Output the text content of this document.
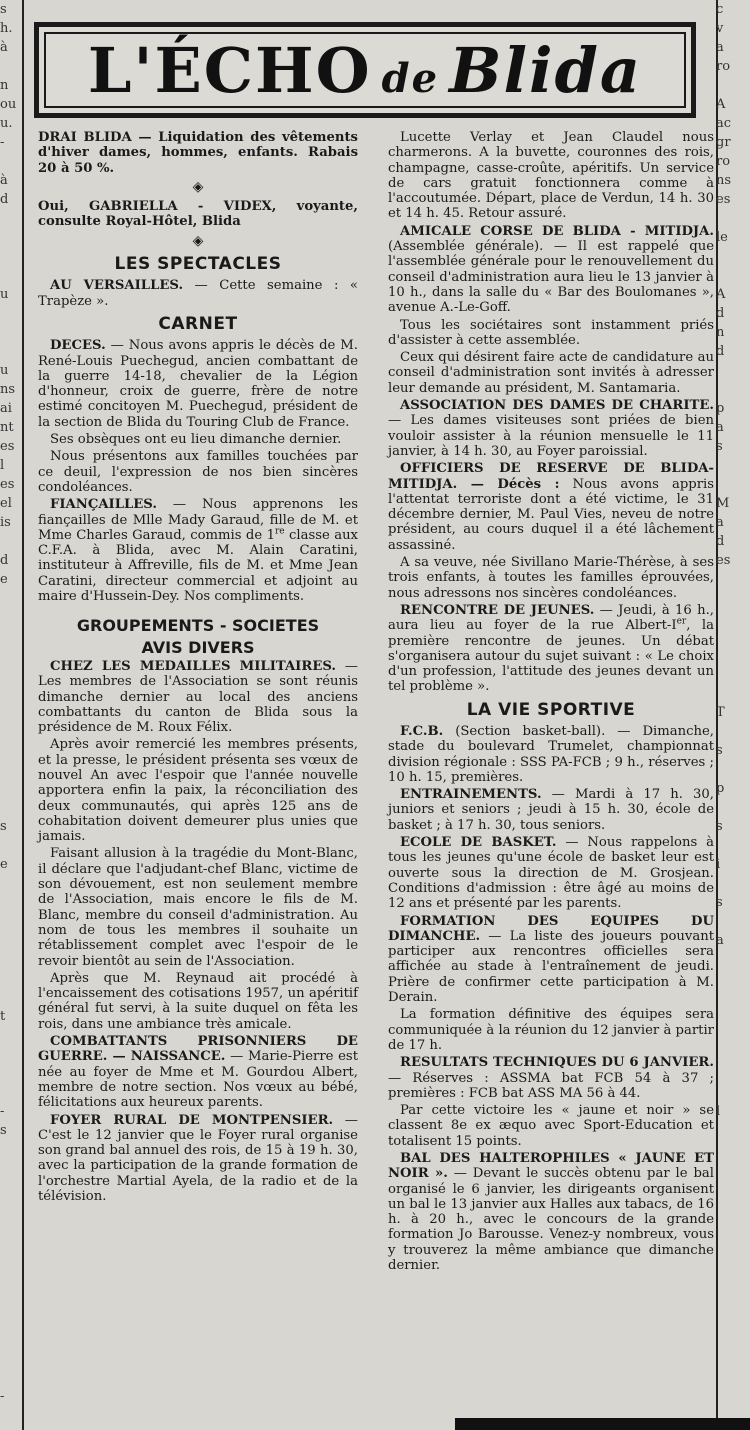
s
h.
à

n
ou
u.
-

à
d

u

u
ns
ai
nt
es
l
es
el
is

d
e

s

e

t

-
s

-

c
v
a
ro

A
ac
gr
ro
ns
es

le

A
d
n
d

p
a
s

M
a
d
es

T

s

p

s

i

s

a

l

L'ÉCHO de Blida

DRAI BLIDA — Liquidation des vêtements d'hiver dames, hommes, enfants. Rabais 20 à 50 %.

◈

Oui, GABRIELLA - VIDEX, voyante, consulte Royal-Hôtel, Blida

◈
LES SPECTACLES

AU VERSAILLES. — Cette semaine : « Trapèze ».

CARNET

DECES. — Nous avons appris le décès de M. René-Louis Puechegud, ancien combattant de la guerre 14-18, chevalier de la Légion d'honneur, croix de guerre, frère de notre estimé concitoyen M. Puechegud, président de la section de Blida du Touring Club de France.

Ses obsèques ont eu lieu dimanche dernier.

Nous présentons aux familles touchées par ce deuil, l'expression de nos bien sincères condoléances.

FIANÇAILLES. — Nous apprenons les fiançailles de Mlle Mady Garaud, fille de M. et Mme Charles Garaud, commis de 1re classe aux C.F.A. à Blida, avec M. Alain Caratini, instituteur à Affreville, fils de M. et Mme Jean Caratini, directeur commercial et adjoint au maire d'Hussein-Dey. Nos compliments.

GROUPEMENTS - SOCIETES
AVIS DIVERS

CHEZ LES MEDAILLES MILITAIRES. — Les membres de l'Association se sont réunis dimanche dernier au local des anciens combattants du canton de Blida sous la présidence de M. Roux Félix.

Après avoir remercié les membres présents, et la presse, le président présenta ses vœux de nouvel An avec l'espoir que l'année nouvelle apportera enfin la paix, la réconciliation des deux communautés, qui après 125 ans de cohabitation doivent demeurer plus unies que jamais.

Faisant allusion à la tragédie du Mont-Blanc, il déclare que l'adjudant-chef Blanc, victime de son dévouement, est non seulement membre de l'Association, mais encore le fils de M. Blanc, membre du conseil d'administration. Au nom de tous les membres il souhaite un rétablissement complet avec l'espoir de le revoir bientôt au sein de l'Association.

Après que M. Reynaud ait procédé à l'encaissement des cotisations 1957, un apéritif général fut servi, à la suite duquel on fêta les rois, dans une ambiance très amicale.

COMBATTANTS PRISONNIERS DE GUERRE. — NAISSANCE. — Marie-Pierre est née au foyer de Mme et M. Gourdou Albert, membre de notre section. Nos vœux au bébé, félicitations aux heureux parents.

FOYER RURAL DE MONTPENSIER. — C'est le 12 janvier que le Foyer rural organise son grand bal annuel des rois, de 15 à 19 h. 30, avec la participation de la grande formation de l'orchestre Martial Ayela, de la radio et de la télévision.

Lucette Verlay et Jean Claudel nous charmerons. A la buvette, couronnes des rois, champagne, casse-croûte, apéritifs. Un service de cars gratuit fonctionnera comme à l'accoutumée. Départ, place de Verdun, 14 h. 30 et 14 h. 45. Retour assuré.

AMICALE CORSE DE BLIDA - MITIDJA. (Assemblée générale). — Il est rappelé que l'assemblée générale pour le renouvellement du conseil d'administration aura lieu le 13 janvier à 10 h., dans la salle du « Bar des Boulomanes », avenue A.-Le-Goff.

Tous les sociétaires sont instamment priés d'assister à cette assemblée.

Ceux qui désirent faire acte de candidature au conseil d'administration sont invités à adresser leur demande au président, M. Santamaria.

ASSOCIATION DES DAMES DE CHARITE. — Les dames visiteuses sont priées de bien vouloir assister à la réunion mensuelle le 11 janvier, à 14 h. 30, au Foyer paroissial.

OFFICIERS DE RESERVE DE BLIDA-MITIDJA. — Décès : Nous avons appris l'attentat terroriste dont a été victime, le 31 décembre dernier, M. Paul Vies, neveu de notre président, au cours duquel il a été lâchement assassiné.

A sa veuve, née Sivillano Marie-Thérèse, à ses trois enfants, à toutes les familles éprouvées, nous adressons nos sincères condoléances.

RENCONTRE DE JEUNES. — Jeudi, à 16 h., aura lieu au foyer de la rue Albert-Ier, la première rencontre de jeunes. Un débat s'organisera autour du sujet suivant : « Le choix d'un profession, l'attitude des jeunes devant un tel problème ».

LA VIE SPORTIVE

F.C.B. (Section basket-ball). — Dimanche, stade du boulevard Trumelet, championnat division régionale : SSS PA-FCB ; 9 h., réserves ; 10 h. 15, premières.

ENTRAINEMENTS. — Mardi à 17 h. 30, juniors et seniors ; jeudi à 15 h. 30, école de basket ; à 17 h. 30, tous seniors.

ECOLE DE BASKET. — Nous rappelons à tous les jeunes qu'une école de basket leur est ouverte sous la direction de M. Grosjean. Conditions d'admission : être âgé au moins de 12 ans et présenté par les parents.

FORMATION DES EQUIPES DU DIMANCHE. — La liste des joueurs pouvant participer aux rencontres officielles sera affichée au stade à l'entraînement de jeudi. Prière de confirmer cette participation à M. Derain.

La formation définitive des équipes sera communiquée à la réunion du 12 janvier à partir de 17 h.

RESULTATS TECHNIQUES DU 6 JANVIER. — Réserves : ASSMA bat FCB 54 à 37 ; premières : FCB bat ASS MA 56 à 44.

Par cette victoire les « jaune et noir » se classent 8e ex æquo avec Sport-Education et totalisent 15 points.

BAL DES HALTEROPHILES « JAUNE ET NOIR ». — Devant le succès obtenu par le bal organisé le 6 janvier, les dirigeants organisent un bal le 13 janvier aux Halles aux tabacs, de 16 h. à 20 h., avec le concours de la grande formation Jo Barousse. Venez-y nombreux, vous y trouverez la même ambiance que dimanche dernier.
